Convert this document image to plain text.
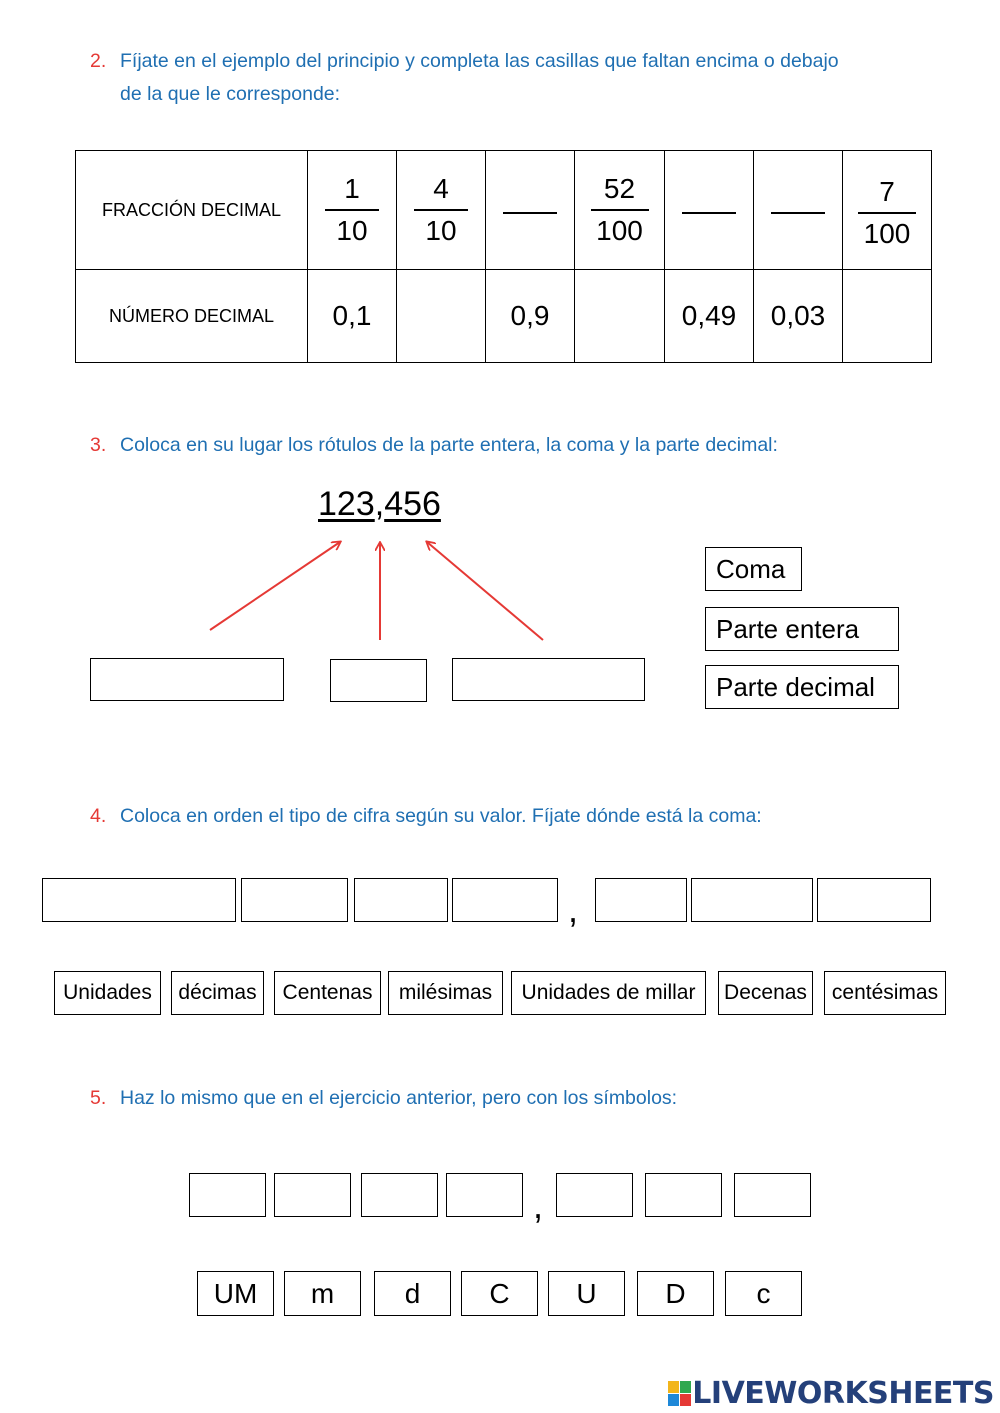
2. Fíjate en el ejemplo del principio y completa las casillas que faltan encima o debajo
de la que le corresponde:
FRACCIÓN DECIMAL	$\frac{1}{10}$	$\frac{4}{10}$		$\frac{52}{100}$			$\frac{7}{100}$

NÚMERO DECIMAL	0,1		0,9		0,49	0,03	
3. Coloca en su lugar los rótulos de la parte entera, la coma y la parte decimal:
123,456
Coma
Parte entera
Parte decimal
4. Coloca en orden el tipo de cifra según su valor. Fíjate dónde está la coma:
,
Unidades	décimas	Centenas	milésimas	Unidades de millar	Decenas	centésimas
5. Haz lo mismo que en el ejercicio anterior, pero con los símbolos:
,
UM	m	d	C	U	D	c
LIVEWORKSHEETS
